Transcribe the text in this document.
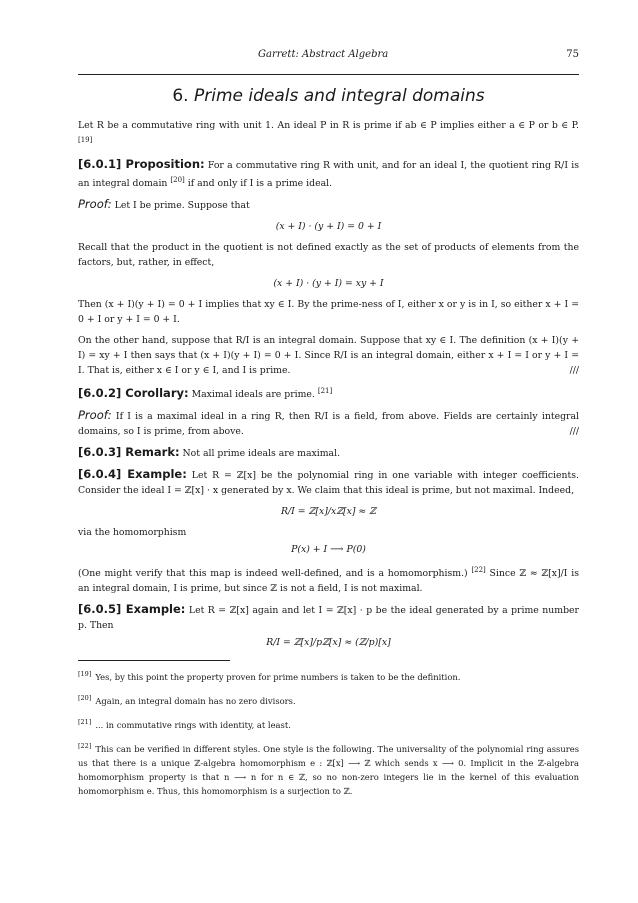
Garrett: Abstract Algebra	75
6. Prime ideals and integral domains

Let R be a commutative ring with unit 1. An ideal P in R is prime if ab ∈ P implies either a ∈ P or b ∈ P. [19]

[6.0.1] Proposition: For a commutative ring R with unit, and for an ideal I, the quotient ring R/I is an integral domain [20] if and only if I is a prime ideal.

Proof: Let I be prime. Suppose that

(x + I) · (y + I) = 0 + I

Recall that the product in the quotient is not defined exactly as the set of products of elements from the factors, but, rather, in effect,

(x + I) · (y + I) = xy + I

Then (x + I)(y + I) = 0 + I implies that xy ∈ I. By the prime-ness of I, either x or y is in I, so either x + I = 0 + I or y + I = 0 + I.

On the other hand, suppose that R/I is an integral domain. Suppose that xy ∈ I. The definition (x + I)(y + I) = xy + I then says that (x + I)(y + I) = 0 + I. Since R/I is an integral domain, either x + I = I or y + I = I. That is, either x ∈ I or y ∈ I, and I is prime.	///

[6.0.2] Corollary: Maximal ideals are prime. [21]

Proof: If I is a maximal ideal in a ring R, then R/I is a field, from above. Fields are certainly integral domains, so I is prime, from above.	///

[6.0.3] Remark: Not all prime ideals are maximal.

[6.0.4] Example: Let R = ℤ[x] be the polynomial ring in one variable with integer coefficients. Consider the ideal I = ℤ[x] · x generated by x. We claim that this ideal is prime, but not maximal. Indeed,

R/I = ℤ[x]/xℤ[x] ≈ ℤ

via the homomorphism

P(x) + I ⟶ P(0)

(One might verify that this map is indeed well-defined, and is a homomorphism.) [22] Since ℤ ≈ ℤ[x]/I is an integral domain, I is prime, but since ℤ is not a field, I is not maximal.

[6.0.5] Example: Let R = ℤ[x] again and let I = ℤ[x] · p be the ideal generated by a prime number p. Then

R/I = ℤ[x]/pℤ[x] ≈ (ℤ/p)[x]
[19] Yes, by this point the property proven for prime numbers is taken to be the definition.
[20] Again, an integral domain has no zero divisors.
[21] ... in commutative rings with identity, at least.
[22] This can be verified in different styles. One style is the following. The universality of the polynomial ring assures us that there is a unique ℤ-algebra homomorphism e : ℤ[x] ⟶ ℤ which sends x ⟶ 0. Implicit in the ℤ-algebra homomorphism property is that n ⟶ n for n ∈ ℤ, so no non-zero integers lie in the kernel of this evaluation homomorphism e. Thus, this homomorphism is a surjection to ℤ.
